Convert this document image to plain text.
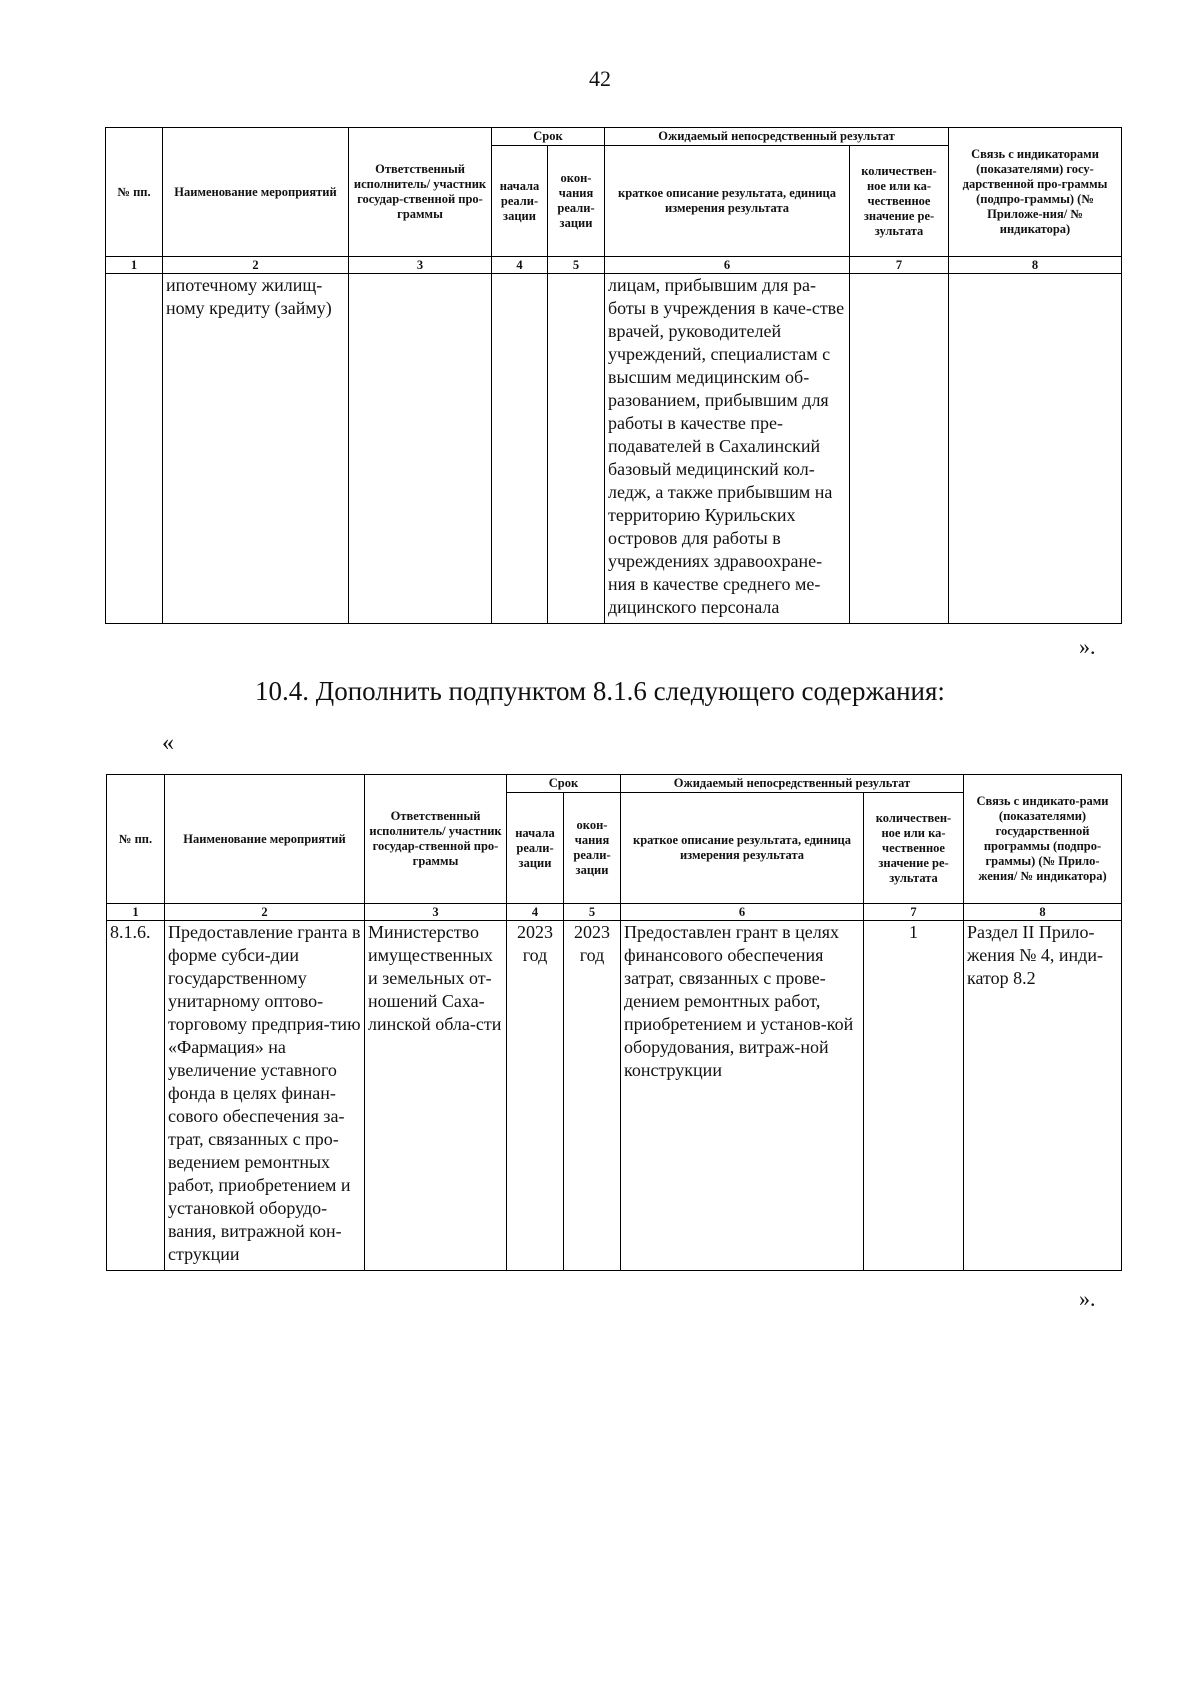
42
№ пп.	Наименование мероприятий	Ответственный исполнитель/ участник государ-ственной про-граммы	Срок		Ожидаемый непосредственный результат		Связь с индикаторами (показателями) госу-дарственной про-граммы (подпро-граммы) (№ Приложе-ния/ № индикатора)
			начала реали-зации	окон-чания реали-зации	краткое описание результата, единица измерения результата	количествен-ное или ка-чественное значение ре-зультата	
1	2	3	4	5	6	7	8
	ипотечному жилищ-ному кредиту (займу)				лицам, прибывшим для ра-боты в учреждения в каче-стве врачей, руководителей учреждений, специалистам с высшим медицинским об-разованием, прибывшим для работы в качестве пре-подавателей в Сахалинский базовый медицинский кол-ледж, а также прибывшим на территорию Курильских островов для работы в учреждениях здравоохране-ния в качестве среднего ме-дицинского персонала		
».
10.4. Дополнить подпунктом 8.1.6 следующего содержания:
«
№ пп.	Наименование мероприятий	Ответственный исполнитель/ участник государ-ственной про-граммы	Срок		Ожидаемый непосредственный результат		Связь с индикато-рами (показателями) государственной программы (подпро-граммы) (№ Прило-жения/ № индикатора)
			начала реали-зации	окон-чания реали-зации	краткое описание результата, единица измерения результата	количествен-ное или ка-чественное значение ре-зультата	
1	2	3	4	5	6	7	8
8.1.6.	Предоставление гранта в форме субси-дии государственному унитарному оптово-торговому предприя-тию «Фармация» на увеличение уставного фонда в целях финан-сового обеспечения за-трат, связанных с про-ведением ремонтных работ, приобретением и установкой оборудо-вания, витражной кон-струкции	Министерство имущественных и земельных от-ношений Саха-линской обла-сти	2023 год	2023 год	Предоставлен грант в целях финансового обеспечения затрат, связанных с прове-дением ремонтных работ, приобретением и установ-кой оборудования, витраж-ной конструкции	1	Раздел II Прило-жения № 4, инди-катор 8.2
».
